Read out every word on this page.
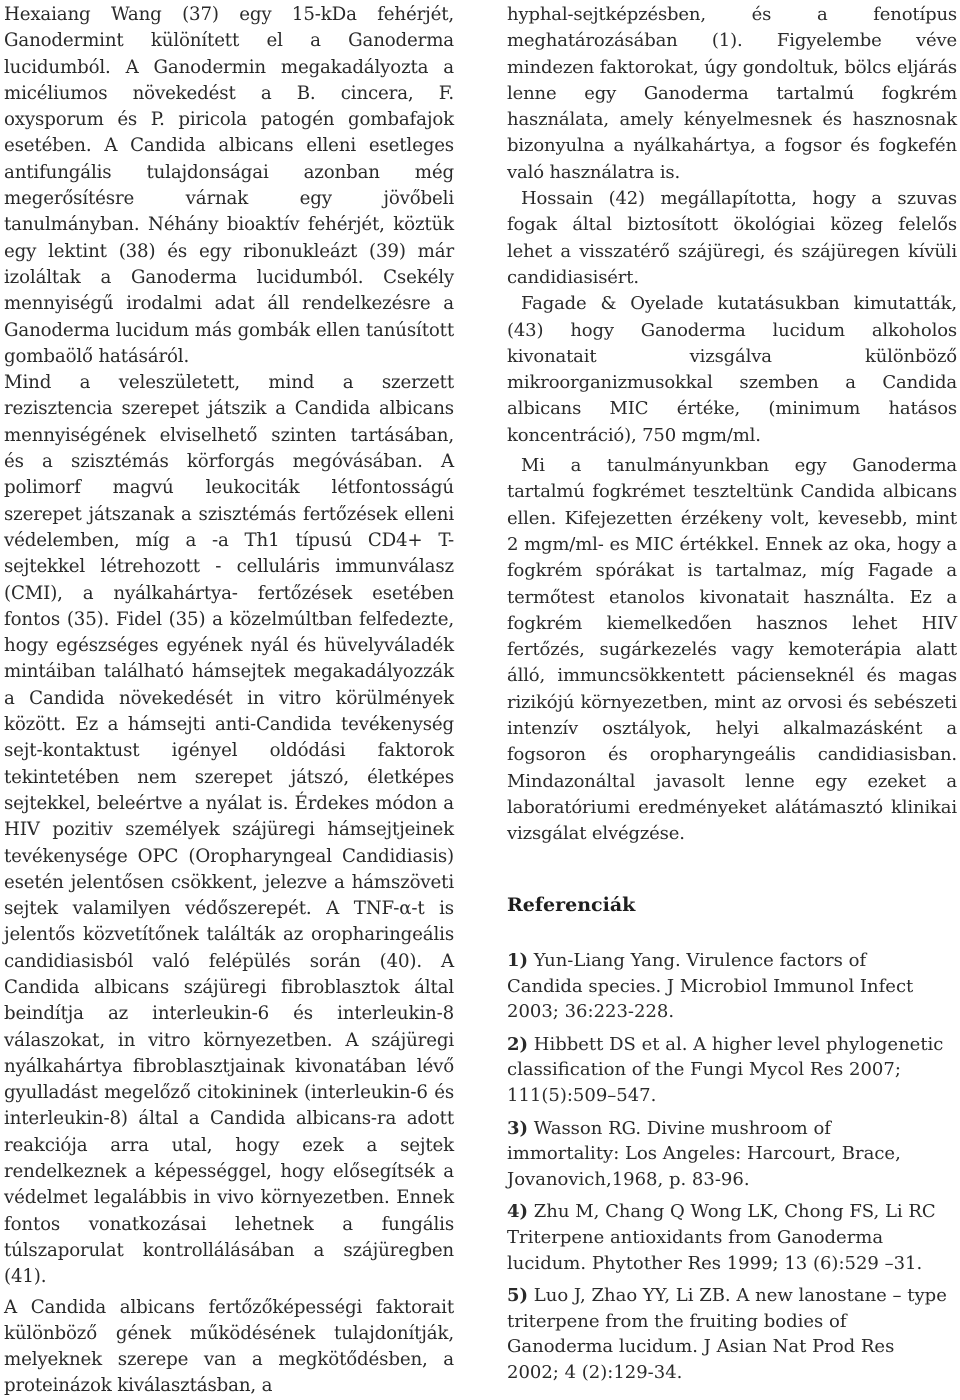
Hexaiang Wang (37) egy 15-kDa fehérjét, Ganodermint különített el a Ganoderma lucidumból. A Ganodermin megakadályozta a micéliumos növekedést a B. cincera, F. oxysporum és P. piricola patogén gombafajok esetében. A Candida albicans elleni esetleges antifungális tulajdonságai azonban még megerősítésre várnak egy jövőbeli tanulmányban. Néhány bioaktív fehérjét, köztük egy lektint (38) és egy ribonukleázt (39) már izoláltak a Ganoderma lucidumból. Csekély mennyiségű irodalmi adat áll rendelkezésre a Ganoderma lucidum más gombák ellen tanúsított gombaölő hatásáról.

Mind a veleszületett, mind a szerzett rezisztencia szerepet játszik a Candida albicans mennyiségének elviselhető szinten tartásában, és a szisztémás körforgás megóvásában. A polimorf magvú leukociták létfontosságú szerepet játszanak a szisztémás fertőzések elleni védelemben, míg a -a Th1 típusú CD4+ T-sejtekkel létrehozott - celluláris immunválasz (CMI), a nyálkahártya- fertőzések esetében fontos (35). Fidel (35) a közelmúltban felfedezte, hogy egészséges egyének nyál és hüvelyváladék mintáiban található hámsejtek megakadályozzák a Candida növekedését in vitro körülmények között. Ez a hámsejti anti-Candida tevékenység sejt-kontaktust igényel oldódási faktorok tekintetében nem szerepet játszó, életképes sejtekkel, beleértve a nyálat is. Érdekes módon a HIV pozitiv személyek szájüregi hámsejtjeinek tevékenysége OPC (Oropharyngeal Candidiasis) esetén jelentősen csökkent, jelezve a hámszöveti sejtek valamilyen védőszerepét. A TNF-α-t is jelentős közvetítőnek találták az oropharingeális candidiasisból való felépülés során (40). A Candida albicans szájüregi fibroblasztok által beindítja az interleukin-6 és interleukin-8 válaszokat, in vitro környezetben. A szájüregi nyálkahártya fibroblasztjainak kivonatában lévő gyulladást megelőző citokininek (interleukin-6 és interleukin-8) által a Candida albicans-ra adott reakciója arra utal, hogy ezek a sejtek rendelkeznek a képességgel, hogy elősegítsék a védelmet legalábbis in vivo környezetben. Ennek fontos vonatkozásai lehetnek a fungális túlszaporulat kontrollálásában a szájüregben (41).

A Candida albicans fertőzőképességi faktorait különböző gének működésének tulajdonítják, melyeknek szerepe van a megkötődésben, a proteinázok kiválasztásban, a

hyphal-sejtképzésben, és a fenotípus meghatározásában (1). Figyelembe véve mindezen faktorokat, úgy gondoltuk, bölcs eljárás lenne egy Ganoderma tartalmú fogkrém használata, amely kényelmesnek és hasznosnak bizonyulna a nyálkahártya, a fogsor és fogkefén való használatra is.

Hossain (42) megállapította, hogy a szuvas fogak által biztosított ökológiai közeg felelős lehet a visszatérő szájüregi, és szájüregen kívüli candidiasisért.

Fagade & Oyelade kutatásukban kimutatták, (43) hogy Ganoderma lucidum alkoholos kivonatait vizsgálva különböző mikroorganizmusokkal szemben a Candida albicans MIC értéke, (minimum hatásos koncentráció), 750 mgm/ml.

Mi a tanulmányunkban egy Ganoderma tartalmú fogkrémet teszteltünk Candida albicans ellen. Kifejezetten érzékeny volt, kevesebb, mint 2 mgm/ml- es MIC értékkel. Ennek az oka, hogy a fogkrém spórákat is tartalmaz, míg Fagade a termőtest etanolos kivonatait használta. Ez a fogkrém kiemelkedően hasznos lehet HIV fertőzés, sugárkezelés vagy kemoterápia alatt álló, immuncsökkentett pácienseknél és magas rizikójú környezetben, mint az orvosi és sebészeti intenzív osztályok, helyi alkalmazásként a fogsoron és oropharyngeális candidiasisban. Mindazonáltal javasolt lenne egy ezeket a laboratóriumi eredményeket alátámasztó klinikai vizsgálat elvégzése.

Referenciák

1) Yun-Liang Yang. Virulence factors of Candida species. J Microbiol Immunol Infect 2003; 36:223-228.

2) Hibbett DS et al. A higher level phylogenetic classification of the Fungi Mycol Res 2007; 111(5):509–547.

3) Wasson RG. Divine mushroom of immortality: Los Angeles: Harcourt, Brace, Jovanovich,1968, p. 83-96.

4) Zhu M, Chang Q Wong LK, Chong FS, Li RC Triterpene antioxidants from Ganoderma lucidum. Phytother Res 1999; 13 (6):529 –31.

5) Luo J, Zhao YY, Li ZB. A new lanostane – type triterpene from the fruiting bodies of Ganoderma lucidum. J Asian Nat Prod Res 2002; 4 (2):129-34.
